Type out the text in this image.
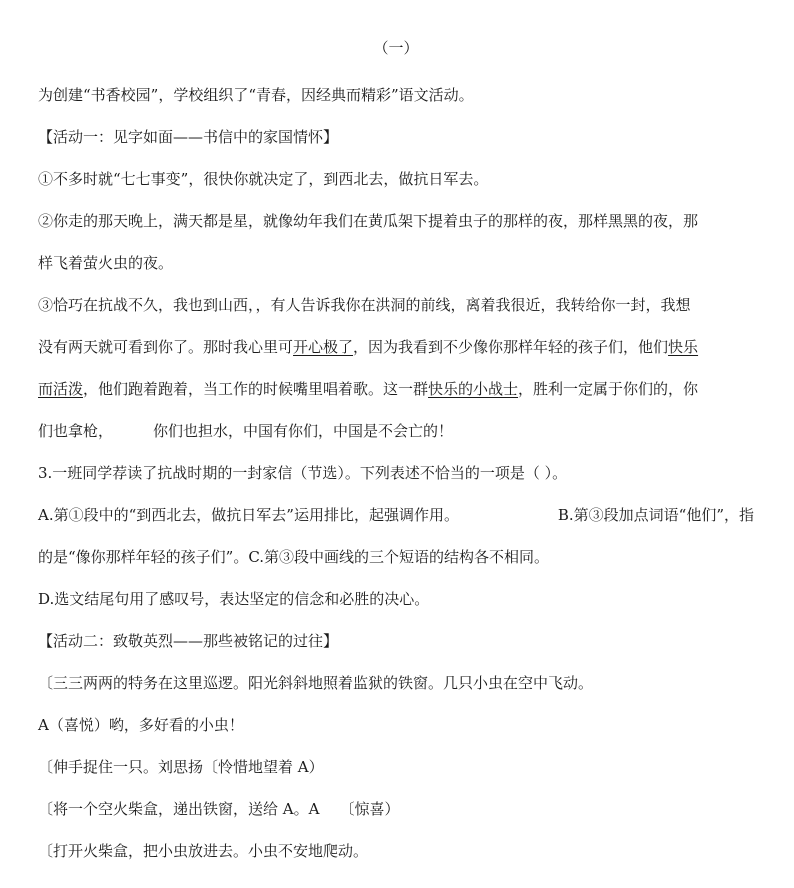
（一）
为创建“书香校园”，学校组织了“青春，因经典而精彩”语文活动。
【活动一：见字如面——书信中的家国情怀】
①不多时就“七七事变”，很快你就决定了，到西北去，做抗日军去。
②你走的那天晚上，满天都是星，就像幼年我们在黄瓜架下提着虫子的那样的夜，那样黑黑的夜，那
样飞着萤火虫的夜。
③恰巧在抗战不久，我也到山西，，有人告诉我你在洪洞的前线，离着我很近，我转给你一封，我想
没有两天就可看到你了。那时我心里可开心极了，因为我看到不少像你那样年轻的孩子们，他们快乐
而活泼，他们跑着跑着，当工作的时候嘴里唱着歌。这一群快乐的小战士，胜利一定属于你们的，你
们也拿枪，	你们也担水，中国有你们，中国是不会亡的！
3.一班同学荐读了抗战时期的一封家信（节选）。下列表述不恰当的一项是（ ）。
A.第①段中的“到西北去，做抗日军去”运用排比，起强调作用。	B.第③段加点词语“他们”，指
的是“像你那样年轻的孩子们”。C.第③段中画线的三个短语的结构各不相同。
D.选文结尾句用了感叹号，表达坚定的信念和必胜的决心。
【活动二：致敬英烈——那些被铭记的过往】
〔三三两两的特务在这里巡逻。阳光斜斜地照着监狱的铁窗。几只小虫在空中飞动。
A（喜悦）哟，多好看的小虫！
〔伸手捉住一只。刘思扬〔怜惜地望着 A）
〔将一个空火柴盒，递出铁窗，送给 A。A 〔惊喜）
〔打开火柴盒，把小虫放进去。小虫不安地爬动。
